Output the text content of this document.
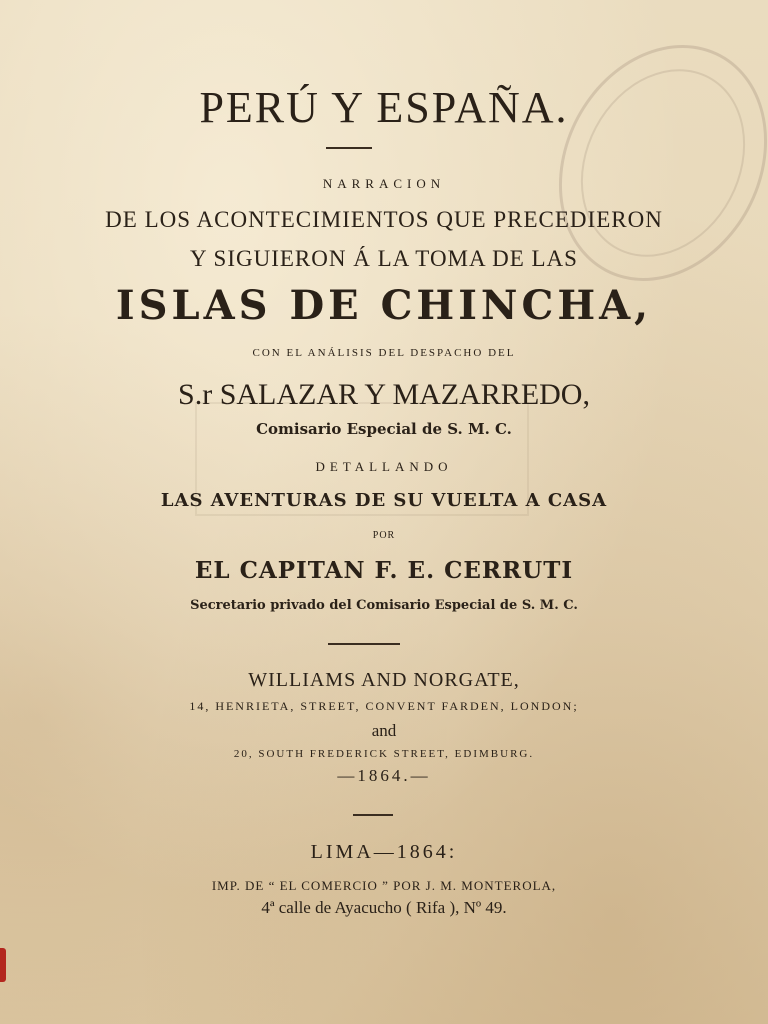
PERÚ Y ESPAÑA.
NARRACION
DE LOS ACONTECIMIENTOS QUE PRECEDIERON
Y SIGUIERON Á LA TOMA DE LAS
ISLAS DE CHINCHA,
CON EL ANÁLISIS DEL DESPACHO DEL
S.r SALAZAR Y MAZARREDO,
Comisario Especial de S. M. C.
DETALLANDO
LAS AVENTURAS DE SU VUELTA A CASA
POR
EL CAPITAN F. E. CERRUTI
Secretario privado del Comisario Especial de S. M. C.
WILLIAMS AND NORGATE,
14, HENRIETA, STREET, CONVENT FARDEN, LONDON;
and
20, SOUTH FREDERICK STREET, EDIMBURG.
—1864.—
LIMA—1864:
IMP. DE “ EL COMERCIO ” POR J. M. MONTEROLA,
4ª calle de Ayacucho ( Rifa ), Nº 49.
